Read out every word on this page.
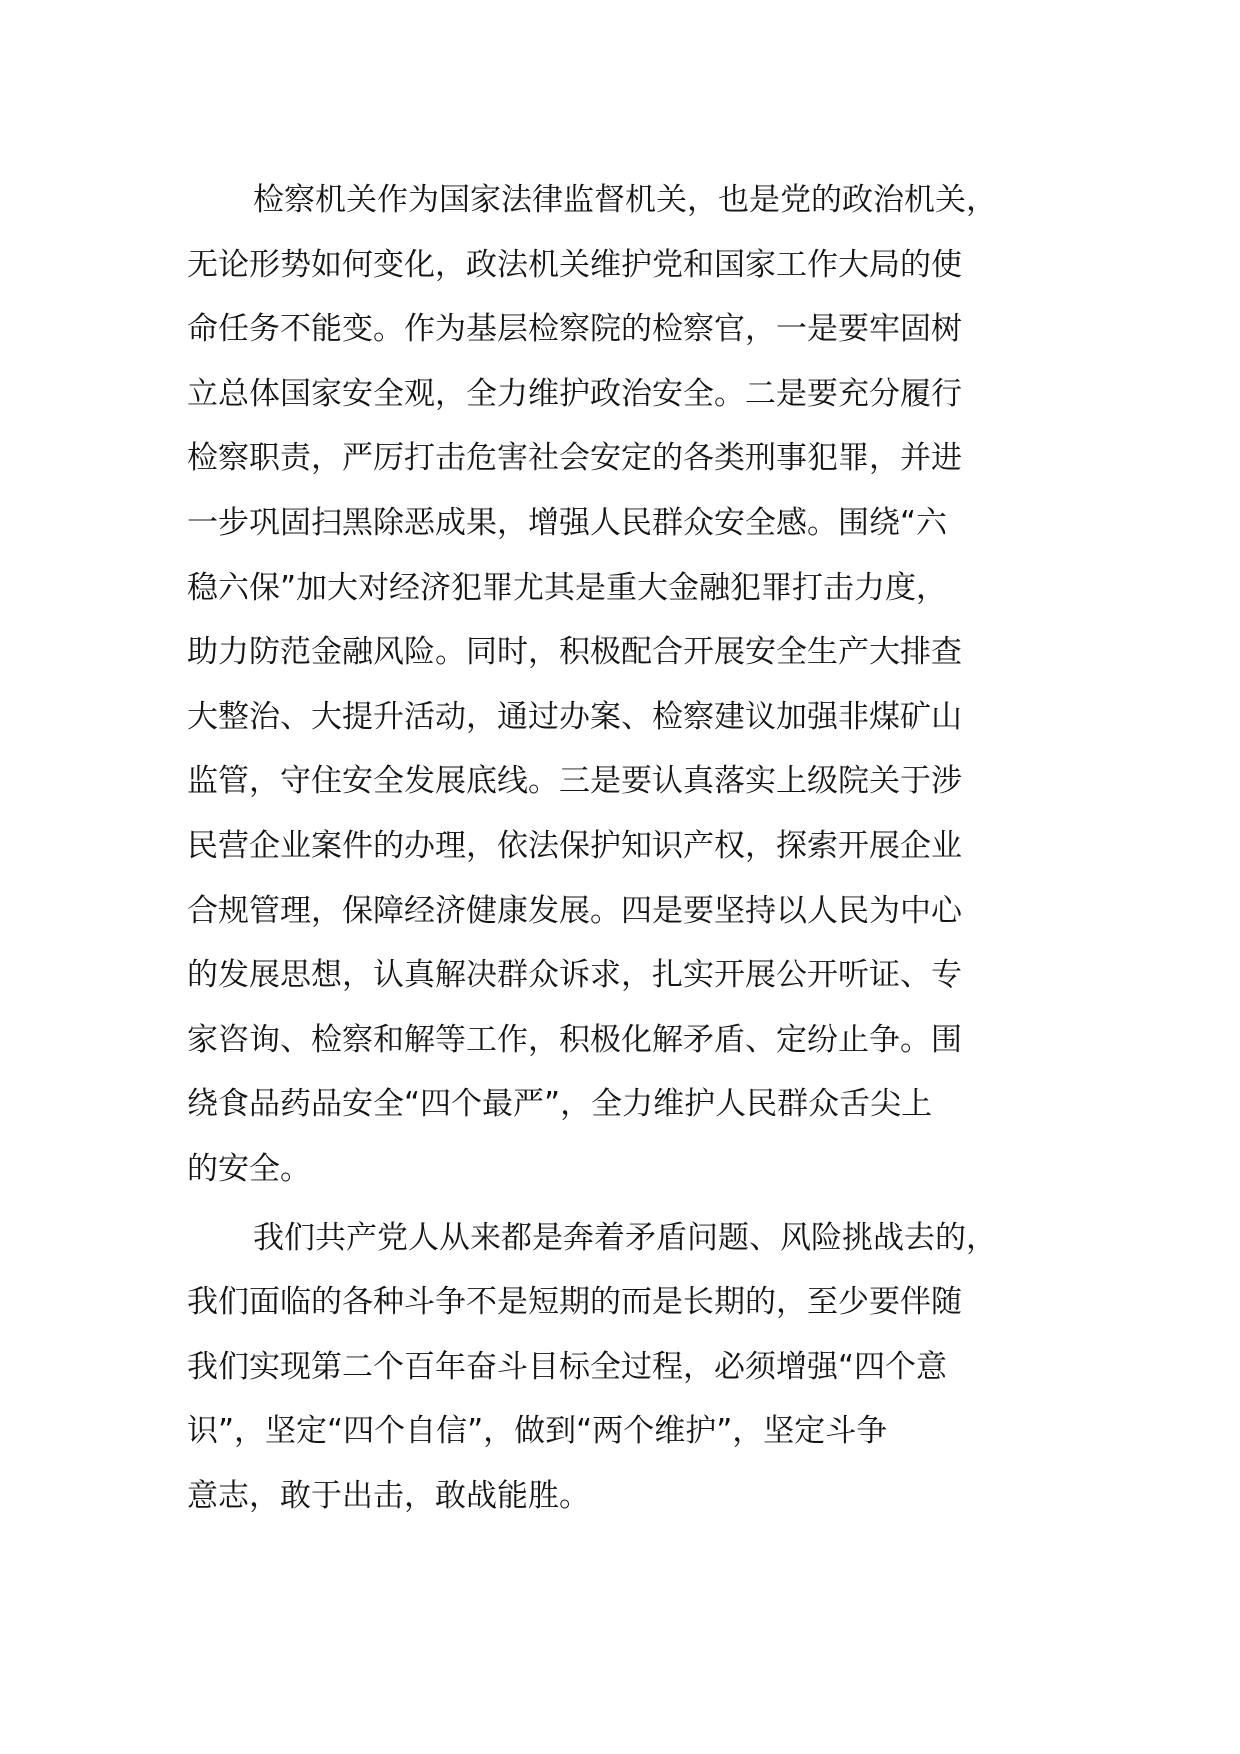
检察机关作为国家法律监督机关，也是党的政治机关，
无论形势如何变化，政法机关维护党和国家工作大局的使
命任务不能变。作为基层检察院的检察官，一是要牢固树
立总体国家安全观，全力维护政治安全。二是要充分履行
检察职责，严厉打击危害社会安定的各类刑事犯罪，并进
一步巩固扫黑除恶成果，增强人民群众安全感。围绕“六
稳六保”加大对经济犯罪尤其是重大金融犯罪打击力度，
助力防范金融风险。同时，积极配合开展安全生产大排查
大整治、大提升活动，通过办案、检察建议加强非煤矿山
监管，守住安全发展底线。三是要认真落实上级院关于涉
民营企业案件的办理，依法保护知识产权，探索开展企业
合规管理，保障经济健康发展。四是要坚持以人民为中心
的发展思想，认真解决群众诉求，扎实开展公开听证、专
家咨询、检察和解等工作，积极化解矛盾、定纷止争。围
绕食品药品安全“四个最严”，全力维护人民群众舌尖上
的安全。
我们共产党人从来都是奔着矛盾问题、风险挑战去的，
我们面临的各种斗争不是短期的而是长期的，至少要伴随
我们实现第二个百年奋斗目标全过程，必须增强“四个意
识”，坚定“四个自信”，做到“两个维护”，坚定斗争
意志，敢于出击，敢战能胜。
